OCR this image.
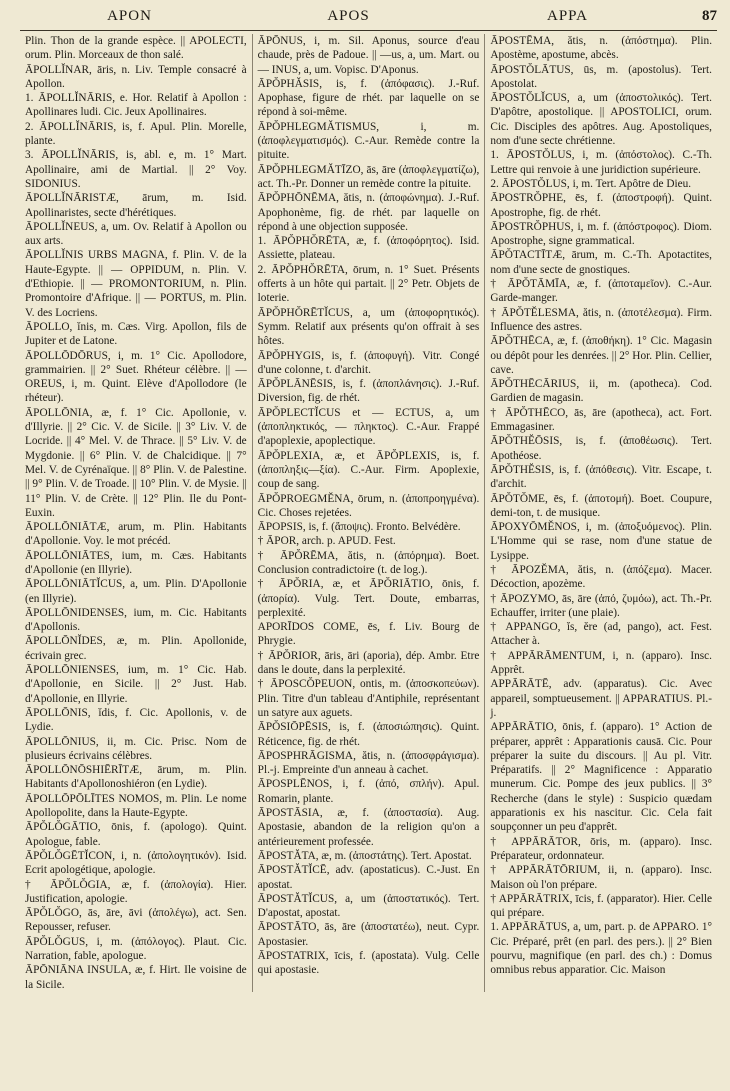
APON	APOS	APPA	87

Plin. Thon de la grande espèce. || APOLECTI, orum. Plin. Morceaux de thon salé.

ĀPOLLĬNAR, āris, n. Liv. Temple consacré à Apollon.

1. ĀPOLLĬNĀRIS, e. Hor. Relatif à Apollon : Apollinares ludi. Cic. Jeux Apollinaires.

2. ĀPOLLĬNĀRIS, is, f. Apul. Plin. Morelle, plante.

3. ĀPOLLĬNĀRIS, is, abl. e, m. 1° Mart. Apollinaire, ami de Martial. || 2° Voy. SIDONIUS.

ĀPOLLĬNĀRISTÆ, ārum, m. Isid. Apollinaristes, secte d'hérétiques.

ĀPOLLĬNEUS, a, um. Ov. Relatif à Apollon ou aux arts.

ĀPOLLĬNIS URBS MAGNA, f. Plin. V. de la Haute-Egypte. || — OPPIDUM, n. Plin. V. d'Ethiopie. || — PROMONTORIUM, n. Plin. Promontoire d'Afrique. || — PORTUS, m. Plin. V. des Locriens.

ĀPOLLO, ĭnis, m. Cæs. Virg. Apollon, fils de Jupiter et de Latone.

ĀPOLLŌDŌRUS, i, m. 1° Cic. Apollodore, grammairien. || 2° Suet. Rhéteur célèbre. || — OREUS, i, m. Quint. Elève d'Apollodore (le rhéteur).

ĀPOLLŌNIA, æ, f. 1° Cic. Apollonie, v. d'Illyrie. || 2° Cic. V. de Sicile. || 3° Liv. V. de Locride. || 4° Mel. V. de Thrace. || 5° Liv. V. de Mygdonie. || 6° Plin. V. de Chalcidique. || 7° Mel. V. de Cyrénaïque. || 8° Plin. V. de Palestine. || 9° Plin. V. de Troade. || 10° Plin. V. de Mysie. || 11° Plin. V. de Crète. || 12° Plin. Ile du Pont-Euxin.

ĀPOLLŌNIĀTÆ, arum, m. Plin. Habitants d'Apollonie. Voy. le mot précéd.

ĀPOLLŌNIĀTES, ium, m. Cæs. Habitants d'Apollonie (en Illyrie).

ĀPOLLŌNIĀTĬCUS, a, um. Plin. D'Apollonie (en Illyrie).

ĀPOLLŌNIDENSES, ium, m. Cic. Habitants d'Apollonis.

ĀPOLLŌNĬDES, æ, m. Plin. Apollonide, écrivain grec.

ĀPOLLŌNIENSES, ium, m. 1° Cic. Hab. d'Apollonie, en Sicile. || 2° Just. Hab. d'Apollonie, en Illyrie.

ĀPOLLŌNIS, ĭdis, f. Cic. Apollonis, v. de Lydie.

ĀPOLLŌNIUS, ii, m. Cic. Prisc. Nom de plusieurs écrivains célèbres.

ĀPOLLŌNŌSHIĒRĪTÆ, ārum, m. Plin. Habitants d'Apollonoshiéron (en Lydie).

ĀPOLLŌPŌLĪTES NOMOS, m. Plin. Le nome Apollopolite, dans la Haute-Egypte.

ĀPŎLŎGĀTIO, ōnis, f. (apologo). Quint. Apologue, fable.

ĀPŎLŎGĒTĬCON, i, n. (ἀπολογητικόν). Isid. Ecrit apologétique, apologie.

† ĀPŎLŎGIA, æ, f. (ἀπολογία). Hier. Justification, apologie.

ĀPŎLŎGO, ās, āre, āvi (ἀπολέγω), act. Sen. Repousser, refuser.

ĀPŎLŎGUS, i, m. (ἀπόλογος). Plaut. Cic. Narration, fable, apologue.

ĀPŌNIĀNA INSULA, æ, f. Hirt. Ile voisine de la Sicile.

ĀPŌNUS, i, m. Sil. Aponus, source d'eau chaude, près de Padoue. || —us, a, um. Mart. ou — INUS, a, um. Vopisc. D'Aponus.

ĀPŎPHĂSIS, is, f. (ἀπόφασις). J.-Ruf. Apophase, figure de rhét. par laquelle on se répond à soi-même.

ĀPŎPHLEGMĂTISMUS, i, m. (ἀποφλεγματισμός). C.-Aur. Remède contre la pituite.

ĀPŎPHLEGMĂTĪZO, ās, āre (ἀποφλεγματίζω), act. Th.-Pr. Donner un remède contre la pituite.

ĀPŎPHŌNĒMA, ătis, n. (ἀποφώνημα). J.-Ruf. Apophonème, fig. de rhét. par laquelle on répond à une objection supposée.

1. ĀPŎPHŎRĒTA, æ, f. (ἀποφόρητος). Isid. Assiette, plateau.

2. ĀPŎPHŎRĒTA, ōrum, n. 1° Suet. Présents offerts à un hôte qui partait. || 2° Petr. Objets de loterie.

ĀPŎPHŎRĒTĬCUS, a, um (ἀποφορητικός). Symm. Relatif aux présents qu'on offrait à ses hôtes.

ĀPŎPHYGIS, is, f. (ἀποφυγή). Vitr. Congé d'une colonne, t. d'archit.

ĀPŎPLĀNĒSIS, is, f. (ἀποπλάνησις). J.-Ruf. Diversion, fig. de rhét.

ĀPŎPLECTĬCUS et — ECTUS, a, um (ἀποπληκτικός, — πληκτος). C.-Aur. Frappé d'apoplexie, apoplectique.

ĀPŎPLEXIA, æ, et ĀPŎPLEXIS, is, f. (ἀποπληξις—ξία). C.-Aur. Firm. Apoplexie, coup de sang.

ĀPŎPROEGMĔNA, ōrum, n. (ἀποπροηγμένα). Cic. Choses rejetées.

ĀPOPSIS, is, f. (ἄποψις). Fronto. Belvédère.

† ĀPOR, arch. p. APUD. Fest.

† ĀPŎRĒMA, ătis, n. (ἀπόρημα). Boet. Conclusion contradictoire (t. de log.).

† ĀPŎRIA, æ, et ĀPŎRIĀTIO, ōnis, f. (ἀπορία). Vulg. Tert. Doute, embarras, perplexité.

APORĪDOS COME, ēs, f. Liv. Bourg de Phrygie.

† ĀPŎRIOR, āris, āri (aporia), dép. Ambr. Etre dans le doute, dans la perplexité.

† ĀPOSCŎPEUON, ontis, m. (ἀποσκοπεύων). Plin. Titre d'un tableau d'Antiphile, représentant un satyre aux aguets.

ĀPŎSIŌPĒSIS, is, f. (ἀποσιώπησις). Quint. Réticence, fig. de rhét.

ĀPOSPHRĀGISMA, ătis, n. (ἀποσφράγισμα). Pl.-j. Empreinte d'un anneau à cachet.

ĀPOSPLĒNOS, i, f. (ἀπό, σπλήν). Apul. Romarin, plante.

ĀPOSTĀSIA, æ, f. (ἀποστασία). Aug. Apostasie, abandon de la religion qu'on a antérieurement professée.

ĀPOSTĂTA, æ, m. (ἀποστάτης). Tert. Apostat.

ĀPOSTĂTĬCĒ, adv. (apostaticus). C.-Just. En apostat.

ĀPOSTĂTĬCUS, a, um (ἀποστατικός). Tert. D'apostat, apostat.

ĀPOSTĀTO, ās, āre (ἀποστατέω), neut. Cypr. Apostasier.

ĀPOSTATRIX, īcis, f. (apostata). Vulg. Celle qui apostasie.

ĀPOSTĒMA, ătis, n. (ἀπόστημα). Plin. Apostème, apostume, abcès.

ĀPOSTŎLĀTUS, ūs, m. (apostolus). Tert. Apostolat.

ĀPOSTŎLĬCUS, a, um (ἀποστολικός). Tert. D'apôtre, apostolique. || APOSTOLICI, orum. Cic. Disciples des apôtres. Aug. Apostoliques, nom d'une secte chrétienne.

1. ĀPOSTŎLUS, i, m. (ἀπόστολος). C.-Th. Lettre qui renvoie à une juridiction supérieure.

2. ĀPOSTŎLUS, i, m. Tert. Apôtre de Dieu.

ĀPOSTRŎPHE, ēs, f. (ἀποστροφή). Quint. Apostrophe, fig. de rhét.

ĀPOSTRŎPHUS, i, m. f. (ἀπόστροφος). Diom. Apostrophe, signe grammatical.

ĀPŎTACTĪTÆ, ārum, m. C.-Th. Apotactites, nom d'une secte de gnostiques.

† ĀPŎTĀMĪA, æ, f. (ἀποταμεῖον). C.-Aur. Garde-manger.

† ĀPŎTĔLESMA, ătis, n. (ἀποτέλεσμα). Firm. Influence des astres.

ĀPŎTHĒCA, æ, f. (ἀποθήκη). 1° Cic. Magasin ou dépôt pour les denrées. || 2° Hor. Plin. Cellier, cave.

ĀPŎTHĒCĀRIUS, ii, m. (apotheca). Cod. Gardien de magasin.

† ĀPŎTHĒCO, ās, āre (apotheca), act. Fort. Emmagasiner.

ĀPŎTHĔŌSIS, is, f. (ἀποθέωσις). Tert. Apothéose.

ĀPŎTHĔSIS, is, f. (ἀπόθεσις). Vitr. Escape, t. d'archit.

ĀPŎTŎME, ēs, f. (ἀποτομή). Boet. Coupure, demi-ton, t. de musique.

ĀPOXYŌMĔNOS, i, m. (ἀποξυόμενος). Plin. L'Homme qui se rase, nom d'une statue de Lysippe.

† ĀPOZĔMA, ătis, n. (ἀπόζεμα). Macer. Décoction, apozème.

† ĀPOZYMO, ās, āre (ἀπό, ζυμόω), act. Th.-Pr. Echauffer, irriter (une plaie).

† APPANGO, ĭs, ĕre (ad, pango), act. Fest. Attacher à.

† APPĀRĀMENTUM, i, n. (apparo). Insc. Apprêt.

APPĀRĀTĒ, adv. (apparatus). Cic. Avec appareil, somptueusement. || APPARATIUS. Pl.-j.

APPĀRĀTIO, ōnis, f. (apparo). 1° Action de préparer, apprêt : Apparationis causā. Cic. Pour préparer la suite du discours. || Au pl. Vitr. Préparatifs. || 2° Magnificence : Apparatio munerum. Cic. Pompe des jeux publics. || 3° Recherche (dans le style) : Suspicio quædam apparationis ex his nascitur. Cic. Cela fait soupçonner un peu d'apprêt.

† APPĀRĀTOR, ōris, m. (apparo). Insc. Préparateur, ordonnateur.

† APPĀRĀTŌRIUM, ii, n. (apparo). Insc. Maison où l'on prépare.

† APPĀRĀTRIX, īcis, f. (apparator). Hier. Celle qui prépare.

1. APPĀRĀTUS, a, um, part. p. de APPARO. 1° Cic. Préparé, prêt (en parl. des pers.). || 2° Bien pourvu, magnifique (en parl. des ch.) : Domus omnibus rebus apparatior. Cic. Maison
